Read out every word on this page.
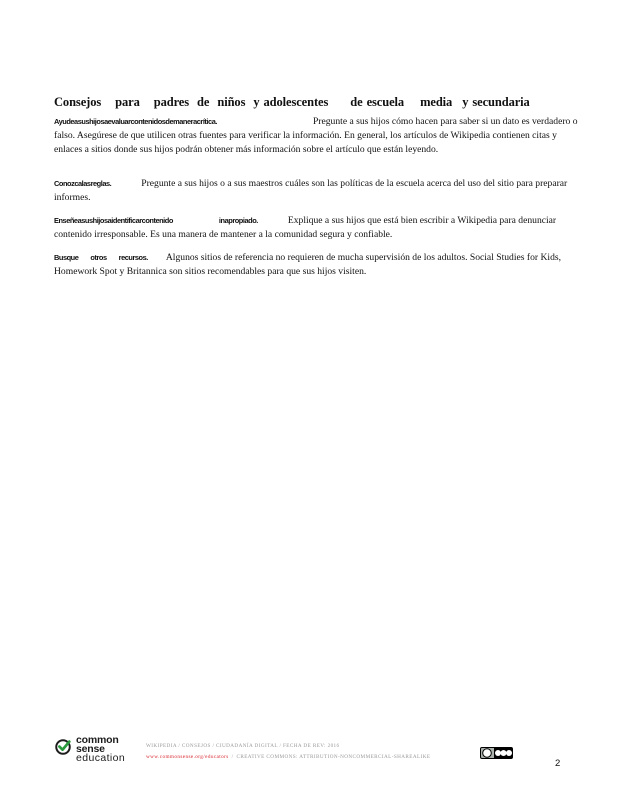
Consejos para padres de niños y adolescentes de escuela media y secundaria
Ayudeasushijosaevaluarcontenidosdemaneracrítica.	Pregunte a sus hijos cómo hacen para saber si un dato es verdadero o falso. Asegúrese de que utilicen otras fuentes para verificar la información. En general, los artículos de Wikipedia contienen citas y enlaces a sitios donde sus hijos podrán obtener más información sobre el artículo que están leyendo.
Conozcalasreglas.	Pregunte a sus hijos o a sus maestros cuáles son las políticas de la escuela acerca del uso del sitio para preparar informes.
Enseñeasushijosaidentificarcontenido	inapropiado.	Explique a sus hijos que está bien escribir a Wikipedia para denunciar contenido irresponsable. Es una manera de mantener a la comunidad segura y confiable.
Busque otros recursos. Algunos sitios de referencia no requieren de mucha supervisión de los adultos. Social Studies for Kids, Homework Spot y Britannica son sitios recomendables para que sus hijos visiten.
common
sense
education
WIKIPEDIA / CONSEJOS / CIUDADANÍA DIGITAL / FECHA DE REV: 2016
www.commonsense.org/educators / CREATIVE COMMONS: ATTRIBUTION-NONCOMMERCIAL-SHAREALIKE
2
